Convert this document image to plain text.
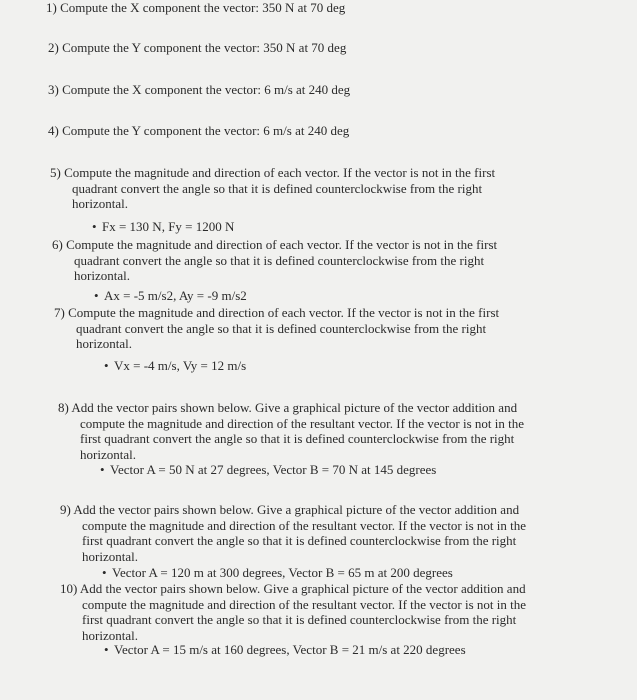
1) Compute the X component the vector: 350 N at 70 deg

2) Compute the Y component the vector: 350 N at 70 deg

3) Compute the X component the vector: 6 m/s at 240 deg

4) Compute the Y component the vector: 6 m/s at 240 deg

5) Compute the magnitude and direction of each vector. If the vector is not in the first
quadrant convert the angle so that it is defined counterclockwise from the right
horizontal.
• Fx = 130 N, Fy = 1200 N
6) Compute the magnitude and direction of each vector. If the vector is not in the first
quadrant convert the angle so that it is defined counterclockwise from the right
horizontal.
• Ax = -5 m/s2, Ay = -9 m/s2
7) Compute the magnitude and direction of each vector. If the vector is not in the first
quadrant convert the angle so that it is defined counterclockwise from the right
horizontal.
• Vx = -4 m/s, Vy = 12 m/s
8) Add the vector pairs shown below. Give a graphical picture of the vector addition and
compute the magnitude and direction of the resultant vector. If the vector is not in the
first quadrant convert the angle so that it is defined counterclockwise from the right
horizontal.
• Vector A = 50 N at 27 degrees, Vector B = 70 N at 145 degrees
9) Add the vector pairs shown below. Give a graphical picture of the vector addition and
compute the magnitude and direction of the resultant vector. If the vector is not in the
first quadrant convert the angle so that it is defined counterclockwise from the right
horizontal.
• Vector A = 120 m at 300 degrees, Vector B = 65 m at 200 degrees
10) Add the vector pairs shown below. Give a graphical picture of the vector addition and
compute the magnitude and direction of the resultant vector. If the vector is not in the
first quadrant convert the angle so that it is defined counterclockwise from the right
horizontal.
• Vector A = 15 m/s at 160 degrees, Vector B = 21 m/s at 220 degrees
